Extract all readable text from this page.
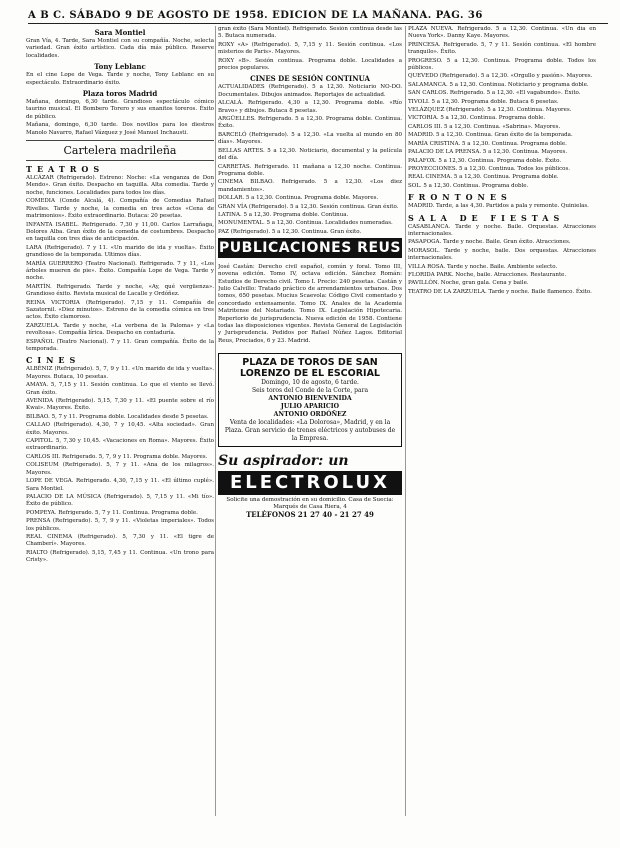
A B C. SÁBADO 9 DE AGOSTO DE 1958. EDICION DE LA MAÑANA. PAG. 36
Sara Montiel

Gran Vía, 4. Tarde, Sara Montiel con su compañía. Noche, selecta variedad. Gran éxito artístico. Cada día más público. Reserve localidades.

Tony Leblanc

En el cine Lope de Vega. Tarde y noche, Tony Leblanc en su espectáculo. Extraordinario éxito.

Plaza toros Madrid

Mañana, domingo, 6,30 tarde. Grandioso espectáculo cómico taurino musical. El Bombero Torero y sus enanitos toreros. Éxito de público.

Mañana, domingo, 6,30 tarde. Dos novillos para los diestros Manolo Navarro, Rafael Vázquez y José Manuel Inchausti.

Cartelera madrileña
TEATROS

ALCÁZAR (Refrigerado). Estreno: Noche: «La venganza de Don Mendo». Gran éxito. Despacho en taquilla. Alta comedia. Tarde y noche, funciones. Localidades para todos los días.

COMEDIA (Conde Alcalá, 4). Compañía de Comedias Rafael Rivelles. Tarde y noche, la comedia en tres actos «Cena de matrimonios». Éxito extraordinario. Butaca: 20 pesetas.

INFANTA ISABEL. Refrigerado. 7,30 y 11,00. Carlos Larrañaga, Dolores Alba. Gran éxito de la comedia de costumbres. Despacho en taquilla con tres días de anticipación.

LARA (Refrigerado). 7 y 11. «Un marido de ida y vuelta». Éxito grandioso de la temporada. Ultimos días.

MARÍA GUERRERO (Teatro Nacional). Refrigerado. 7 y 11, «Los árboles mueren de pie». Éxito. Compañía Lope de Vega. Tarde y noche.

MARTÍN. Refrigerado. Tarde y noche, «Ay, qué vergüenza». Grandioso éxito. Revista musical de Lacalle y Ordóñez.

REINA VICTORIA (Refrigerado). 7,15 y 11. Compañía de Sazatornil. «Diez minutos». Estreno de la comedia cómica en tres actos. Éxito clamoroso.

ZARZUELA. Tarde y noche, «La verbena de la Paloma» y «La revoltosa». Compañía lírica. Despacho en contaduría.

ESPAÑOL (Teatro Nacional). 7 y 11. Gran compañía. Éxito de la temporada.

CINES

ALBÉNIZ (Refrigerado). 5, 7, 9 y 11. «Un marido de ida y vuelta». Mayores. Butaca, 10 pesetas.

AMAYA. 5, 7,15 y 11. Sesión continua. Lo que el viento se llevó. Gran éxito.

AVENIDA (Refrigerado). 5,15, 7,30 y 11. «El puente sobre el río Kwai». Mayores. Éxito.

BILBAO. 5, 7 y 11. Programa doble. Localidades desde 5 pesetas.

CALLAO (Refrigerado). 4,30, 7 y 10,45. «Alta sociedad». Gran éxito. Mayores.

CAPITOL. 5, 7,30 y 10,45. «Vacaciones en Roma». Mayores. Éxito extraordinario.

CARLOS III. Refrigerado. 5, 7, 9 y 11. Programa doble. Mayores.

COLISEUM (Refrigerado). 5, 7 y 11. «Ana de los milagros». Mayores.

LOPE DE VEGA. Refrigerado. 4,30, 7,15 y 11. «El último cuplé». Sara Montiel.

PALACIO DE LA MÚSICA (Refrigerado). 5, 7,15 y 11. «Mi tío». Éxito de público.

POMPEYA. Refrigerado. 5, 7 y 11. Continua. Programa doble.

PRENSA (Refrigerado). 5, 7, 9 y 11. «Violetas imperiales». Todos los públicos.

REAL CINEMA (Refrigerado). 5, 7,30 y 11. «El tigre de Chamberí». Mayores.

RIALTO (Refrigerado). 5,15, 7,45 y 11. Continua. «Un trono para Cristy».

gran éxito (Sara Montiel). Refrigerado. Sesión continua desde las 5. Butaca numerada.

ROXY «A» (Refrigerado). 5, 7,15 y 11. Sesión continua. «Los misterios de Paris». Mayores.

ROXY «B». Sesión continua. Programa doble. Localidades a precios populares.

CINES DE SESIÓN CONTINUA

ACTUALIDADES (Refrigerado). 5 a 12,30. Noticiario NO-DO. Documentales. Dibujos animados. Reportajes de actualidad.

ALCALÁ. Refrigerado. 4,30 a 12,30. Programa doble. «Río Bravo» y dibujos. Butaca 8 pesetas.

ARGÜELLES. Refrigerado. 5 a 12,30. Programa doble. Continua. Éxito.

BARCELÓ (Refrigerado). 5 a 12,30. «La vuelta al mundo en 80 días». Mayores.

BELLAS ARTES. 5 a 12,30. Noticiario, documental y la película del día.

CARRETAS. Refrigerado. 11 mañana a 12,30 noche. Continua. Programa doble.

CINEMA BILBAO. Refrigerado. 5 a 12,30. «Los diez mandamientos».

DOLLAR. 5 a 12,30. Continua. Programa doble. Mayores.

GRAN VÍA (Refrigerado). 5 a 12,30. Sesión continua. Gran éxito.

LATINA. 5 a 12,30. Programa doble. Continua.

MONUMENTAL. 5 a 12,30. Continua. Localidades numeradas.

PAZ (Refrigerado). 5 a 12,30. Continua. Gran éxito.

PUBLICACIONES REUS

José Castán: Derecho civil español, común y foral. Tomo III, novena edición. Tomo IV, octava edición. Sánchez Román: Estudios de Derecho civil. Tomo I. Precio: 240 pesetas. Castán y Julio Calvillo: Tratado práctico de arrendamientos urbanos. Dos tomos, 650 pesetas. Mucius Scaevola: Código Civil comentado y concordado extensamente. Tomo IX. Anales de la Academia Matritense del Notariado. Tomo IX. Legislación Hipotecaria. Repertorio de jurisprudencia. Nueva edición de 1958. Contiene todas las disposiciones vigentes. Revista General de Legislación y Jurisprudencia. Pedidos por Rafael Núñez Lagos. Editorial Reus, Preciados, 6 y 23. Madrid.

PLAZA DE TOROS DE SAN LORENZO DE EL ESCORIAL
Domingo, 10 de agosto, 6 tarde.
Seis toros del Conde de la Corte, para
ANTONIO BIENVENIDA
JULIO APARICIO
ANTONIO ORDÓÑEZ
Venta de localidades: «La Dolorosa», Madrid, y en la Plaza. Gran servicio de trenes eléctricos y autobuses de la Empresa.
Su aspirador: un
ELECTROLUX
Solicite una demostración en su domicilio. Casa de Suecia: Marqués de Casa Riera, 4
TELÉFONOS 21 27 40 - 21 27 49

PLAZA NUEVA. Refrigerado. 5 a 12,30. Continua. «Un día en Nueva York». Danny Kaye. Mayores.

PRINCESA. Refrigerado. 5, 7 y 11. Sesión continua. «El hombre tranquilo». Éxito.

PROGRESO. 5 a 12,30. Continua. Programa doble. Todos los públicos.

QUEVEDO (Refrigerado). 5 a 12,30. «Orgullo y pasión». Mayores.

SALAMANCA. 5 a 12,30. Continua. Noticiario y programa doble.

SAN CARLOS. Refrigerado. 5 a 12,30. «El vagabundo». Éxito.

TIVOLI. 5 a 12,30. Programa doble. Butaca 6 pesetas.

VELÁZQUEZ (Refrigerado). 5 a 12,30. Continua. Mayores.

VICTORIA. 5 a 12,30. Continua. Programa doble.

CARLOS III. 5 a 12,30. Continua. «Sabrina». Mayores.

MADRID. 5 a 12,30. Continua. Gran éxito de la temporada.

MARÍA CRISTINA. 5 a 12,30. Continua. Programa doble.

PALACIO DE LA PRENSA. 5 a 12,30. Continua. Mayores.

PALAFOX. 5 a 12,30. Continua. Programa doble. Éxito.

PROYECCIONES. 5 a 12,30. Continua. Todos los públicos.

REAL CINEMA. 5 a 12,30. Continua. Programa doble.

SOL. 5 a 12,30. Continua. Programa doble.

FRONTONES

MADRID. Tarde, a las 4,30. Partidos a pala y remonte. Quinielas.

SALA DE FIESTAS

CASABLANCA. Tarde y noche. Baile. Orquestas. Atracciones internacionales.

PASAPOGA. Tarde y noche. Baile. Gran éxito. Atracciones.

MORASOL. Tarde y noche, baile. Dos orquestas. Atracciones internacionales.

VILLA ROSA. Tarde y noche. Baile. Ambiente selecto.

FLORIDA PARK. Noche, baile. Atracciones. Restaurante.

PAVILLÓN. Noche, gran gala. Cena y baile.

TEATRO DE LA ZARZUELA. Tarde y noche. Baile flamenco. Éxito.
